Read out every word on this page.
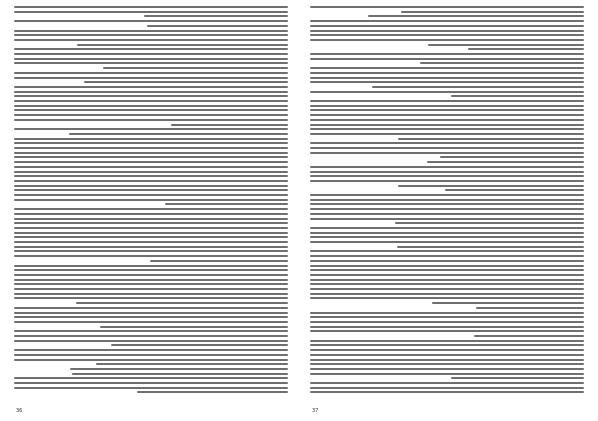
36	37
